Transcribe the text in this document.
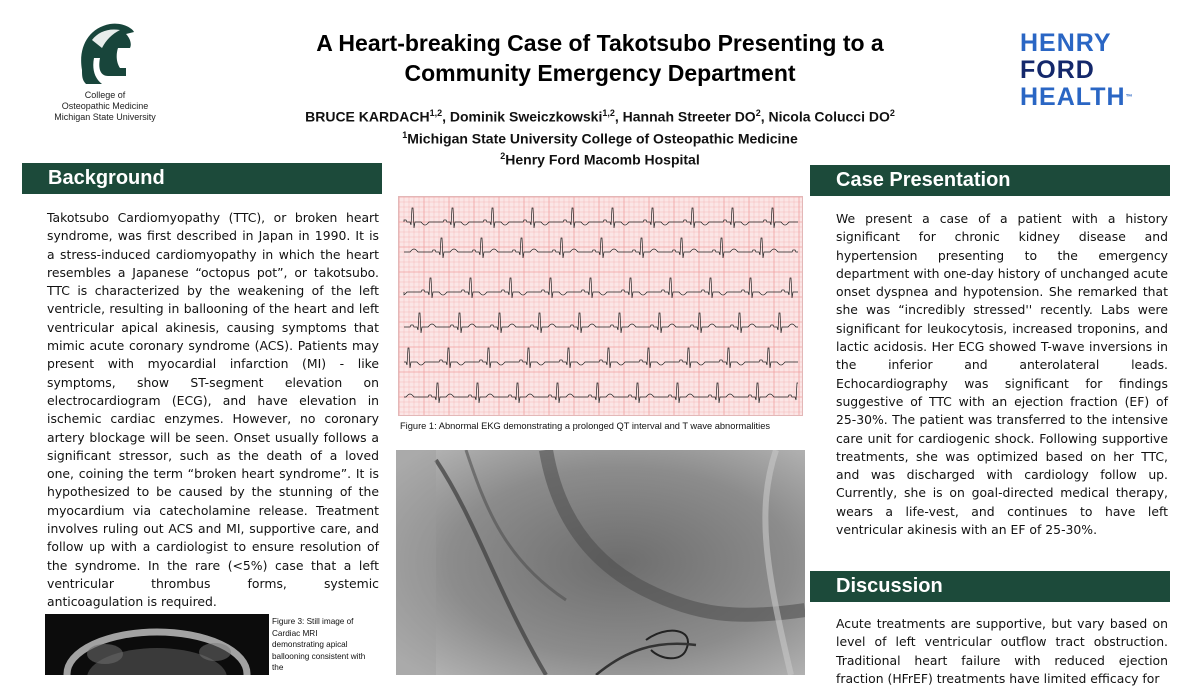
College of
Osteopathic Medicine
Michigan State University
A Heart-breaking Case of Takotsubo Presenting to a
Community Emergency Department
BRUCE KARDACH$^{1,2}$, Dominik Sweiczkowski$^{1,2}$, Hannah Streeter $DO^2$, Nicola Colucci $DO^2$
$^1$Michigan State University College of Osteopathic Medicine
$^2$Henry Ford Macomb Hospital
HENRY
FORD
HEALTH™
Background
Takotsubo Cardiomyopathy (TTC), or broken heart syndrome, was first described in Japan in 1990. It is a stress-induced cardiomyopathy in which the heart resembles a Japanese “octopus pot”, or takotsubo. TTC is characterized by the weakening of the left ventricle, resulting in ballooning of the heart and left ventricular apical akinesis, causing symptoms that mimic acute coronary syndrome (ACS). Patients may present with myocardial infarction (MI) - like symptoms, show ST-segment elevation on electrocardiogram (ECG), and have elevation in ischemic cardiac enzymes. However, no coronary artery blockage will be seen. Onset usually follows a significant stressor, such as the death of a loved one, coining the term “broken heart syndrome”. It is hypothesized to be caused by the stunning of the myocardium via catecholamine release. Treatment involves ruling out ACS and MI, supportive care, and follow up with a cardiologist to ensure resolution of the syndrome. In the rare (<5%) case that a left ventricular thrombus forms, systemic anticoagulation is required.
Figure 3: Still image of Cardiac MRI demonstrating apical ballooning consistent with the
Figure 1: Abnormal EKG demonstrating a prolonged QT interval and T wave abnormalities
Case Presentation
We present a case of a patient with a history significant for chronic kidney disease and hypertension presenting to the emergency department with one-day history of unchanged acute onset dyspnea and hypotension. She remarked that she was “incredibly stressed'' recently. Labs were significant for leukocytosis, increased troponins, and lactic acidosis. Her ECG showed T-wave inversions in the inferior and anterolateral leads. Echocardiography was significant for findings suggestive of TTC with an ejection fraction (EF) of 25-30%. The patient was transferred to the intensive care unit for cardiogenic shock. Following supportive treatments, she was optimized based on her TTC, and was discharged with cardiology follow up. Currently, she is on goal-directed medical therapy, wears a life-vest, and continues to have left ventricular akinesis with an EF of 25-30%.
Discussion
Acute treatments are supportive, but vary based on level of left ventricular outflow tract obstruction. Traditional heart failure with reduced ejection fraction (HFrEF) treatments have limited efficacy for
